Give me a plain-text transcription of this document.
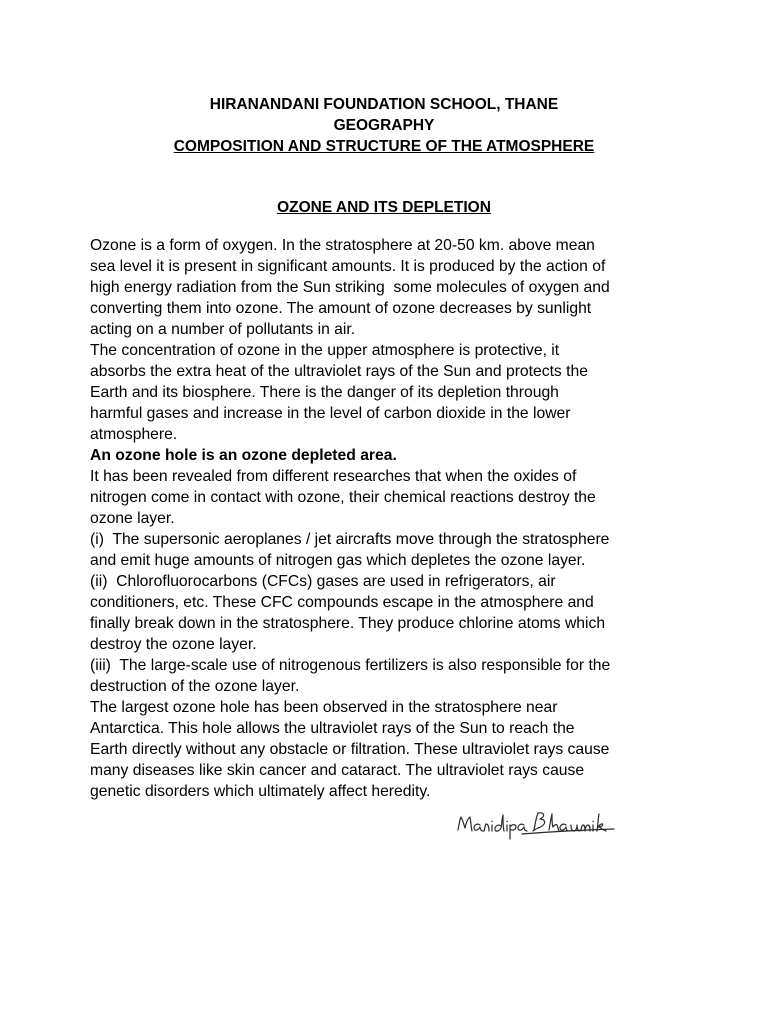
HIRANANDANI FOUNDATION SCHOOL, THANE
GEOGRAPHY
COMPOSITION AND STRUCTURE OF THE ATMOSPHERE
OZONE AND ITS DEPLETION
Ozone is a form of oxygen. In the stratosphere at 20-50 km. above mean
sea level it is present in significant amounts. It is produced by the action of
high energy radiation from the Sun striking  some molecules of oxygen and
converting them into ozone. The amount of ozone decreases by sunlight
acting on a number of pollutants in air.
The concentration of ozone in the upper atmosphere is protective, it
absorbs the extra heat of the ultraviolet rays of the Sun and protects the
Earth and its biosphere. There is the danger of its depletion through
harmful gases and increase in the level of carbon dioxide in the lower
atmosphere.
An ozone hole is an ozone depleted area.
It has been revealed from different researches that when the oxides of
nitrogen come in contact with ozone, their chemical reactions destroy the
ozone layer.
(i)  The supersonic aeroplanes / jet aircrafts move through the stratosphere
and emit huge amounts of nitrogen gas which depletes the ozone layer.
(ii)  Chlorofluorocarbons (CFCs) gases are used in refrigerators, air
conditioners, etc. These CFC compounds escape in the atmosphere and
finally break down in the stratosphere. They produce chlorine atoms which
destroy the ozone layer.
(iii)  The large-scale use of nitrogenous fertilizers is also responsible for the
destruction of the ozone layer.
The largest ozone hole has been observed in the stratosphere near
Antarctica. This hole allows the ultraviolet rays of the Sun to reach the
Earth directly without any obstacle or filtration. These ultraviolet rays cause
many diseases like skin cancer and cataract. The ultraviolet rays cause
genetic disorders which ultimately affect heredity.
